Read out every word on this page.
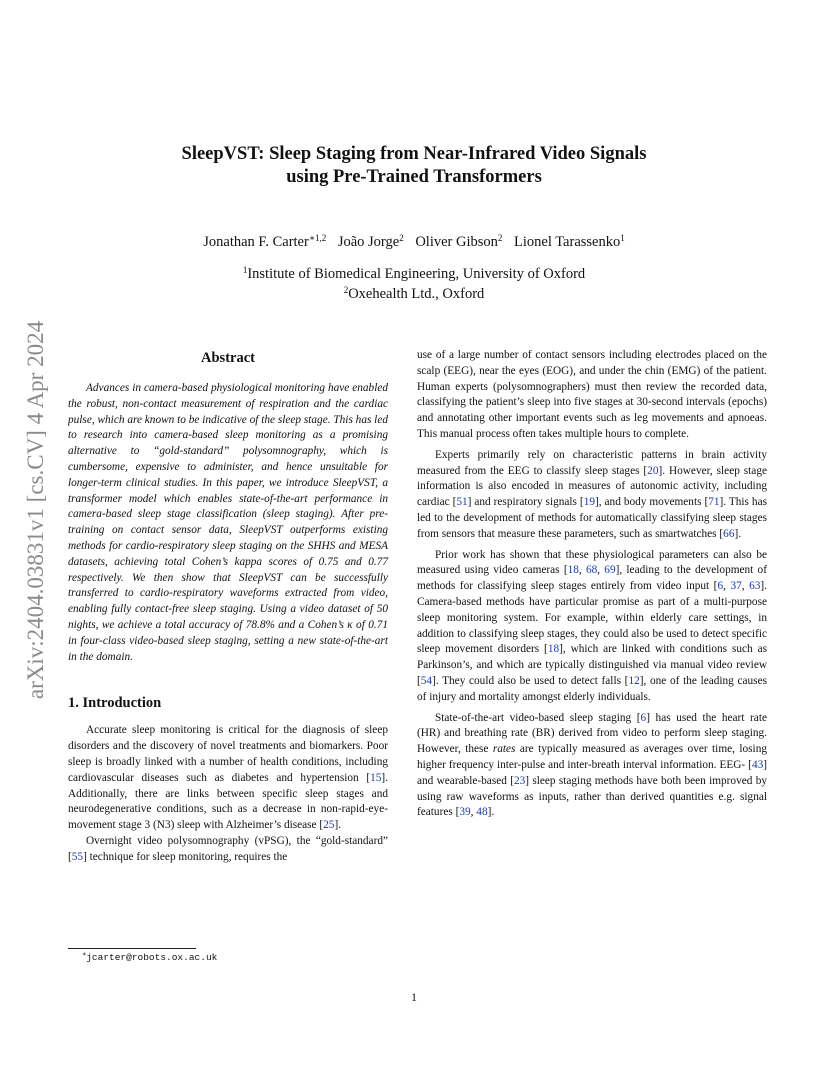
arXiv:2404.03831v1 [cs.CV] 4 Apr 2024
SleepVST: Sleep Staging from Near-Infrared Video Signals
using Pre-Trained Transformers
Jonathan F. Carter$^{∗1,2}$ João Jorge$^2$ Oliver Gibson$^2$ Lionel Tarassenko$^1$
$^1$Institute of Biomedical Engineering, University of Oxford
$^2$Oxehealth Ltd., Oxford
Abstract

Advances in camera-based physiological monitoring have enabled the robust, non-contact measurement of respiration and the cardiac pulse, which are known to be indicative of the sleep stage. This has led to research into camera-based sleep monitoring as a promising alternative to “gold-standard” polysomnography, which is cumbersome, expensive to administer, and hence unsuitable for longer-term clinical studies. In this paper, we introduce SleepVST, a transformer model which enables state-of-the-art performance in camera-based sleep stage classification (sleep staging). After pre-training on contact sensor data, SleepVST outperforms existing methods for cardio-respiratory sleep staging on the SHHS and MESA datasets, achieving total Cohen’s kappa scores of 0.75 and 0.77 respectively. We then show that SleepVST can be successfully transferred to cardio-respiratory waveforms extracted from video, enabling fully contact-free sleep staging. Using a video dataset of 50 nights, we achieve a total accuracy of 78.8% and a Cohen’s κ of 0.71 in four-class video-based sleep staging, setting a new state-of-the-art in the domain.

1. Introduction

Accurate sleep monitoring is critical for the diagnosis of sleep disorders and the discovery of novel treatments and biomarkers. Poor sleep is broadly linked with a number of health conditions, including cardiovascular diseases such as diabetes and hypertension [15]. Additionally, there are links between specific sleep stages and neurodegenerative conditions, such as a decrease in non-rapid-eye-movement stage 3 (N3) sleep with Alzheimer’s disease [25].

Overnight video polysomnography (vPSG), the “gold-standard” [55] technique for sleep monitoring, requires the

use of a large number of contact sensors including electrodes placed on the scalp (EEG), near the eyes (EOG), and under the chin (EMG) of the patient. Human experts (polysomnographers) must then review the recorded data, classifying the patient’s sleep into five stages at 30-second intervals (epochs) and annotating other important events such as leg movements and apnoeas. This manual process often takes multiple hours to complete.

Experts primarily rely on characteristic patterns in brain activity measured from the EEG to classify sleep stages [20]. However, sleep stage information is also encoded in measures of autonomic activity, including cardiac [51] and respiratory signals [19], and body movements [71]. This has led to the development of methods for automatically classifying sleep stages from sensors that measure these parameters, such as smartwatches [66].

Prior work has shown that these physiological parameters can also be measured using video cameras [18, 68, 69], leading to the development of methods for classifying sleep stages entirely from video input [6, 37, 63]. Camera-based methods have particular promise as part of a multi-purpose sleep monitoring system. For example, within elderly care settings, in addition to classifying sleep stages, they could also be used to detect specific sleep movement disorders [18], which are linked with conditions such as Parkinson’s, and which are typically distinguished via manual video review [54]. They could also be used to detect falls [12], one of the leading causes of injury and mortality amongst elderly individuals.

State-of-the-art video-based sleep staging [6] has used the heart rate (HR) and breathing rate (BR) derived from video to perform sleep staging. However, these rates are typically measured as averages over time, losing higher frequency inter-pulse and inter-breath interval information. EEG- [43] and wearable-based [23] sleep staging methods have both been improved by using raw waveforms as inputs, rather than derived quantities e.g. signal features [39, 48].

∗jcarter@robots.ox.ac.uk
1
